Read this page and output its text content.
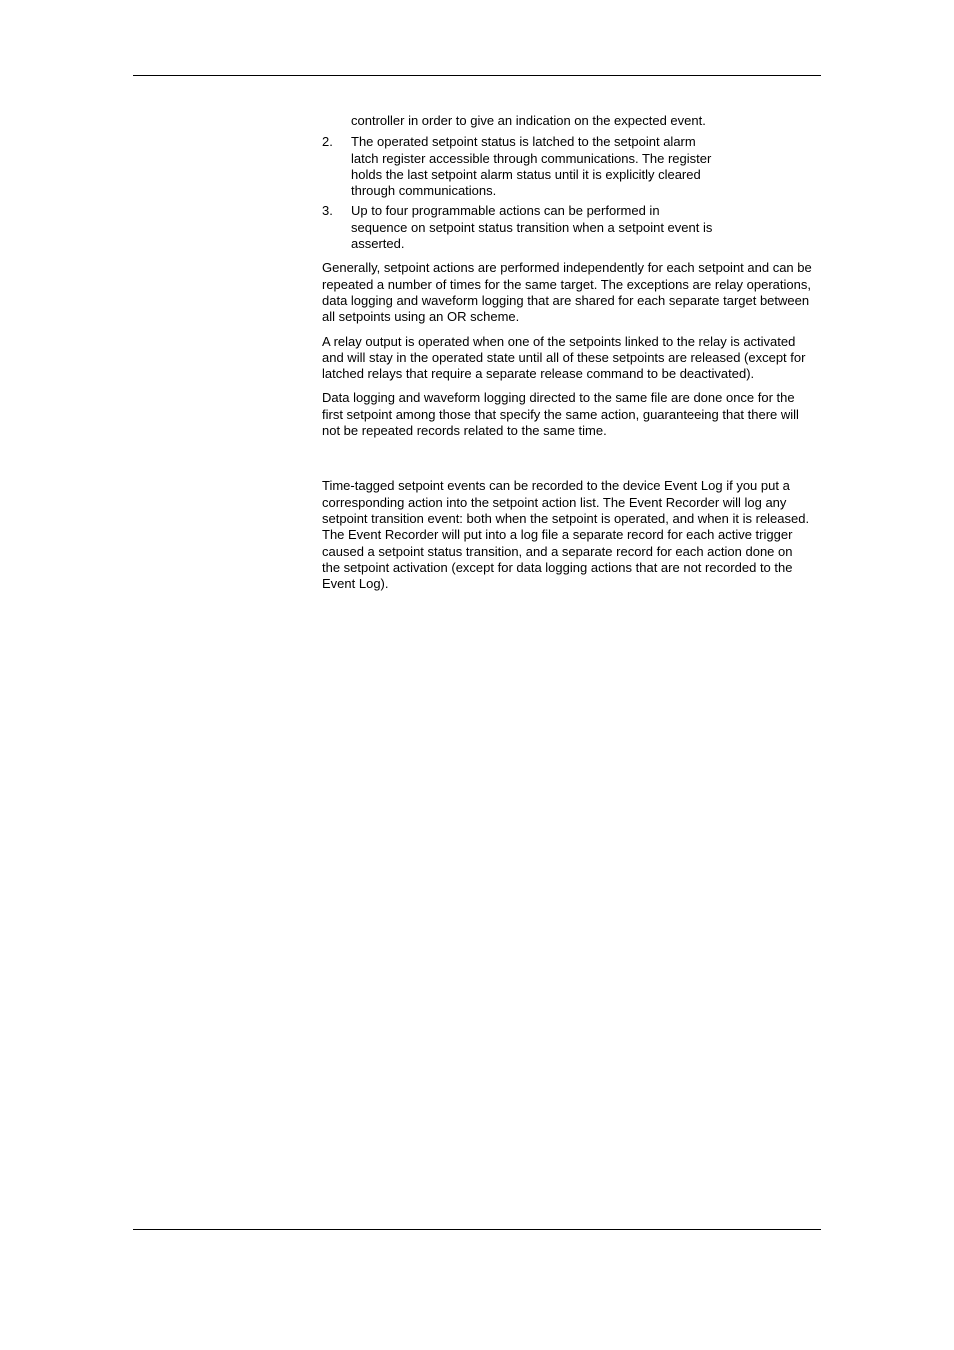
controller in order to give an indication on the expected event.
2.	The operated setpoint status is latched to the setpoint alarm latch register accessible through communications. The register holds the last setpoint alarm status until it is explicitly cleared through communications.
3.	Up to four programmable actions can be performed in sequence on setpoint status transition when a setpoint event is asserted.

Generally, setpoint actions are performed independently for each setpoint and can be repeated a number of times for the same target. The exceptions are relay operations, data logging and waveform logging that are shared for each separate target between all setpoints using an OR scheme.

A relay output is operated when one of the setpoints linked to the relay is activated and will stay in the operated state until all of these setpoints are released (except for latched relays that require a separate release command to be deactivated).

Data logging and waveform logging directed to the same file are done once for the first setpoint among those that specify the same action, guaranteeing that there will not be repeated records related to the same time.

Time-tagged setpoint events can be recorded to the device Event Log if you put a corresponding action into the setpoint action list. The Event Recorder will log any setpoint transition event: both when the setpoint is operated, and when it is released. The Event Recorder will put into a log file a separate record for each active trigger caused a setpoint status transition, and a separate record for each action done on the setpoint activation (except for data logging actions that are not recorded to the Event Log).
